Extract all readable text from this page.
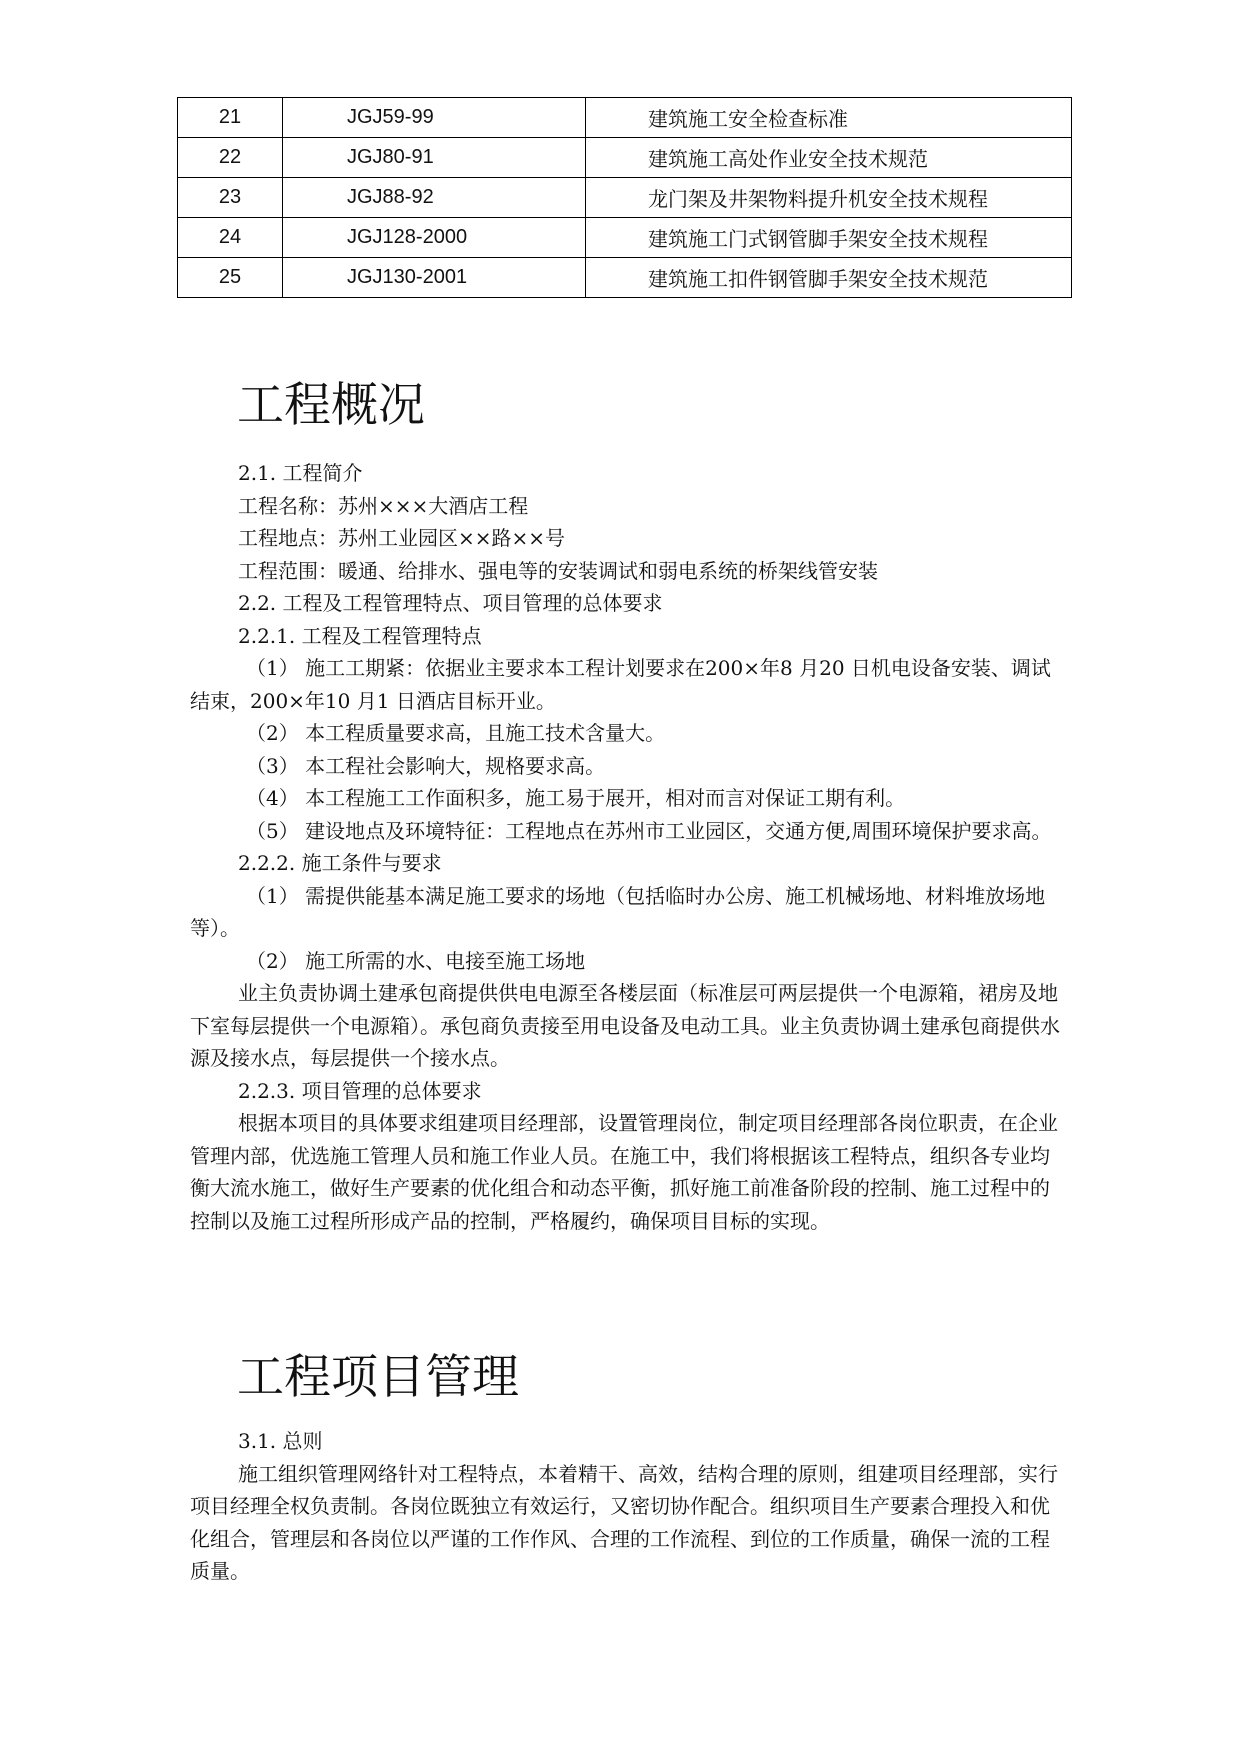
21	JGJ59-99	建筑施工安全检查标准
22	JGJ80-91	建筑施工高处作业安全技术规范
23	JGJ88-92	龙门架及井架物料提升机安全技术规程
24	JGJ128-2000	建筑施工门式钢管脚手架安全技术规程
25	JGJ130-2001	建筑施工扣件钢管脚手架安全技术规范
工程概况

2.1. 工程简介

工程名称：苏州×××大酒店工程

工程地点：苏州工业园区××路××号

工程范围：暖通、给排水、强电等的安装调试和弱电系统的桥架线管安装

2.2. 工程及工程管理特点、项目管理的总体要求

2.2.1. 工程及工程管理特点

（1） 施工工期紧：依据业主要求本工程计划要求在200×年8 月20 日机电设备安装、调试结束，200×年10 月1 日酒店目标开业。

（2） 本工程质量要求高，且施工技术含量大。

（3） 本工程社会影响大，规格要求高。

（4） 本工程施工工作面积多，施工易于展开，相对而言对保证工期有利。

（5） 建设地点及环境特征：工程地点在苏州市工业园区，交通方便,周围环境保护要求高。

2.2.2. 施工条件与要求

（1） 需提供能基本满足施工要求的场地（包括临时办公房、施工机械场地、材料堆放场地等）。

（2） 施工所需的水、电接至施工场地

业主负责协调土建承包商提供供电电源至各楼层面（标准层可两层提供一个电源箱，裙房及地下室每层提供一个电源箱）。承包商负责接至用电设备及电动工具。业主负责协调土建承包商提供水源及接水点，每层提供一个接水点。

2.2.3. 项目管理的总体要求

根据本项目的具体要求组建项目经理部，设置管理岗位，制定项目经理部各岗位职责，在企业管理内部，优选施工管理人员和施工作业人员。在施工中，我们将根据该工程特点，组织各专业均衡大流水施工，做好生产要素的优化组合和动态平衡，抓好施工前准备阶段的控制、施工过程中的控制以及施工过程所形成产品的控制，严格履约，确保项目目标的实现。

工程项目管理

3.1. 总则

施工组织管理网络针对工程特点，本着精干、高效，结构合理的原则，组建项目经理部，实行项目经理全权负责制。各岗位既独立有效运行，又密切协作配合。组织项目生产要素合理投入和优化组合，管理层和各岗位以严谨的工作作风、合理的工作流程、到位的工作质量，确保一流的工程质量。
